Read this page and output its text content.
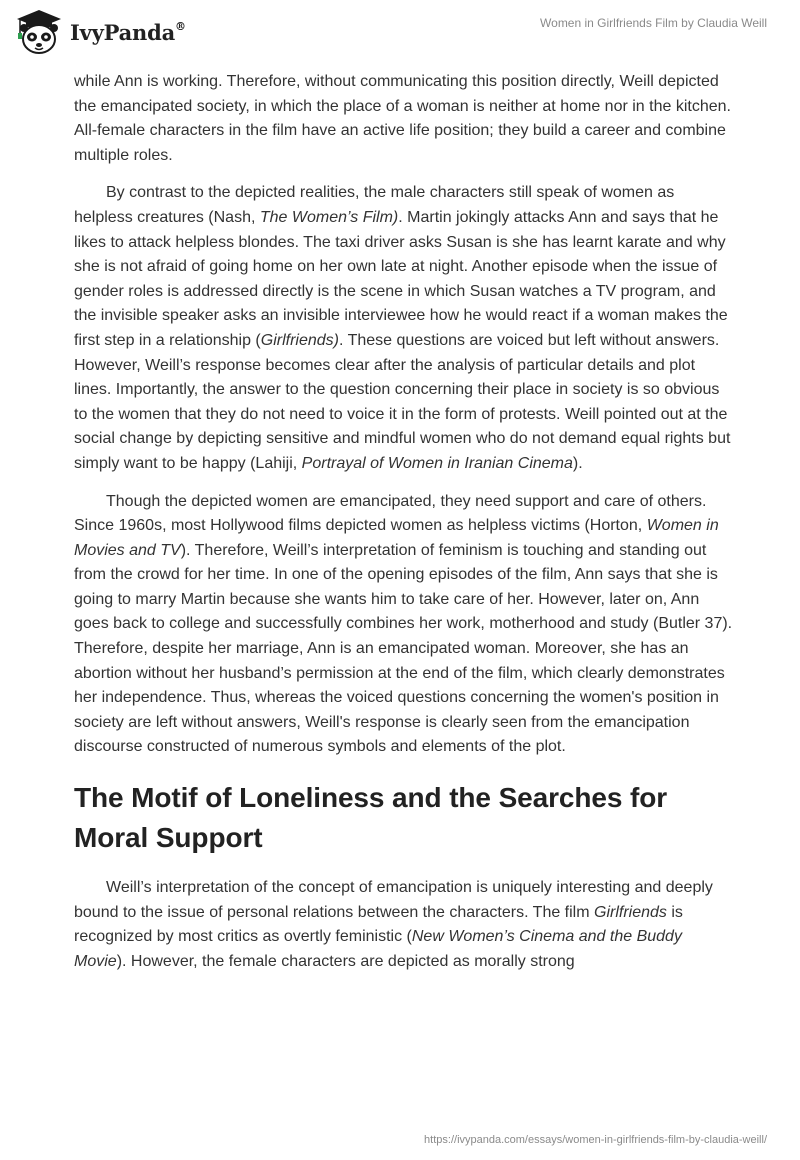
IvyPanda®	Women in Girlfriends Film by Claudia Weill

while Ann is working. Therefore, without communicating this position directly, Weill depicted the emancipated society, in which the place of a woman is neither at home nor in the kitchen. All-female characters in the film have an active life position; they build a career and combine multiple roles.

By contrast to the depicted realities, the male characters still speak of women as helpless creatures (Nash, The Women’s Film). Martin jokingly attacks Ann and says that he likes to attack helpless blondes. The taxi driver asks Susan is she has learnt karate and why she is not afraid of going home on her own late at night. Another episode when the issue of gender roles is addressed directly is the scene in which Susan watches a TV program, and the invisible speaker asks an invisible interviewee how he would react if a woman makes the first step in a relationship (Girlfriends). These questions are voiced but left without answers. However, Weill’s response becomes clear after the analysis of particular details and plot lines. Importantly, the answer to the question concerning their place in society is so obvious to the women that they do not need to voice it in the form of protests. Weill pointed out at the social change by depicting sensitive and mindful women who do not demand equal rights but simply want to be happy (Lahiji, Portrayal of Women in Iranian Cinema).

Though the depicted women are emancipated, they need support and care of others. Since 1960s, most Hollywood films depicted women as helpless victims (Horton, Women in Movies and TV). Therefore, Weill’s interpretation of feminism is touching and standing out from the crowd for her time. In one of the opening episodes of the film, Ann says that she is going to marry Martin because she wants him to take care of her. However, later on, Ann goes back to college and successfully combines her work, motherhood and study (Butler 37). Therefore, despite her marriage, Ann is an emancipated woman. Moreover, she has an abortion without her husband’s permission at the end of the film, which clearly demonstrates her independence. Thus, whereas the voiced questions concerning the women's position in society are left without answers, Weill's response is clearly seen from the emancipation discourse constructed of numerous symbols and elements of the plot.

The Motif of Loneliness and the Searches for Moral Support

Weill’s interpretation of the concept of emancipation is uniquely interesting and deeply bound to the issue of personal relations between the characters. The film Girlfriends is recognized by most critics as overtly feministic (New Women’s Cinema and the Buddy Movie). However, the female characters are depicted as morally strong

https://ivypanda.com/essays/women-in-girlfriends-film-by-claudia-weill/
